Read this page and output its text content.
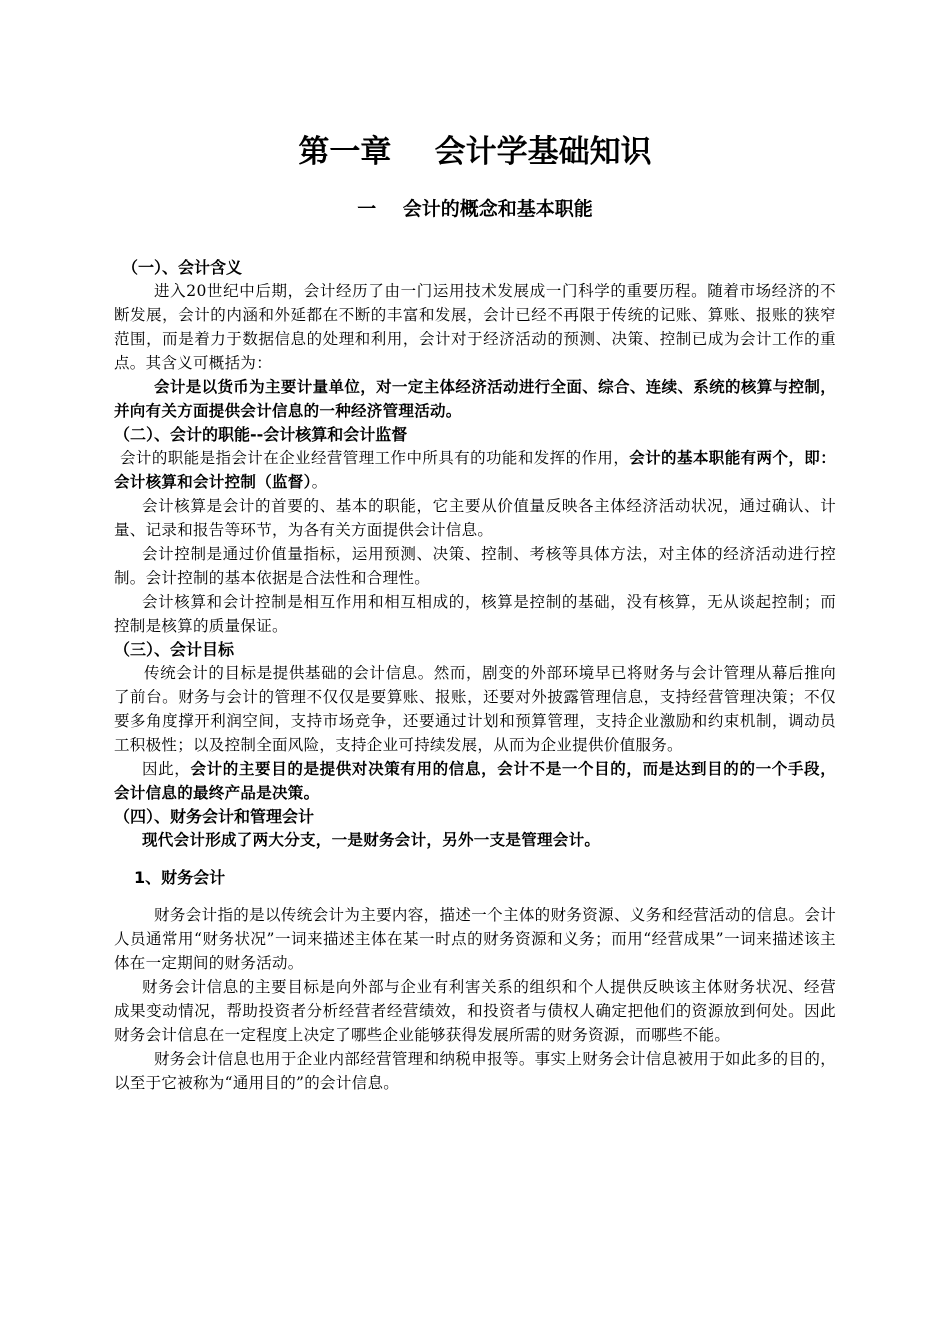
第一章    会计学基础知识
一    会计的概念和基本职能

（一）、会计含义

进入20世纪中后期，会计经历了由一门运用技术发展成一门科学的重要历程。随着市场经济的不断发展，会计的内涵和外延都在不断的丰富和发展，会计已经不再限于传统的记账、算账、报账的狭窄范围，而是着力于数据信息的处理和利用，会计对于经济活动的预测、决策、控制已成为会计工作的重点。其含义可概括为：

会计是以货币为主要计量单位，对一定主体经济活动进行全面、综合、连续、系统的核算与控制，并向有关方面提供会计信息的一种经济管理活动。

（二）、会计的职能--会计核算和会计监督

会计的职能是指会计在企业经营管理工作中所具有的功能和发挥的作用，会计的基本职能有两个，即：会计核算和会计控制（监督）。

会计核算是会计的首要的、基本的职能，它主要从价值量反映各主体经济活动状况，通过确认、计量、记录和报告等环节，为各有关方面提供会计信息。

会计控制是通过价值量指标，运用预测、决策、控制、考核等具体方法，对主体的经济活动进行控制。会计控制的基本依据是合法性和合理性。

会计核算和会计控制是相互作用和相互相成的，核算是控制的基础，没有核算，无从谈起控制；而控制是核算的质量保证。

（三）、会计目标

传统会计的目标是提供基础的会计信息。然而，剧变的外部环境早已将财务与会计管理从幕后推向了前台。财务与会计的管理不仅仅是要算账、报账，还要对外披露管理信息，支持经营管理决策；不仅要多角度撑开利润空间，支持市场竞争，还要通过计划和预算管理，支持企业激励和约束机制，调动员工积极性；以及控制全面风险，支持企业可持续发展，从而为企业提供价值服务。

因此，会计的主要目的是提供对决策有用的信息，会计不是一个目的，而是达到目的的一个手段，会计信息的最终产品是决策。

（四）、财务会计和管理会计

现代会计形成了两大分支，一是财务会计，另外一支是管理会计。

1、财务会计

财务会计指的是以传统会计为主要内容，描述一个主体的财务资源、义务和经营活动的信息。会计人员通常用“财务状况”一词来描述主体在某一时点的财务资源和义务；而用“经营成果”一词来描述该主体在一定期间的财务活动。

财务会计信息的主要目标是向外部与企业有利害关系的组织和个人提供反映该主体财务状况、经营成果变动情况，帮助投资者分析经营者经营绩效，和投资者与债权人确定把他们的资源放到何处。因此财务会计信息在一定程度上决定了哪些企业能够获得发展所需的财务资源，而哪些不能。

财务会计信息也用于企业内部经营管理和纳税申报等。事实上财务会计信息被用于如此多的目的，以至于它被称为“通用目的”的会计信息。
